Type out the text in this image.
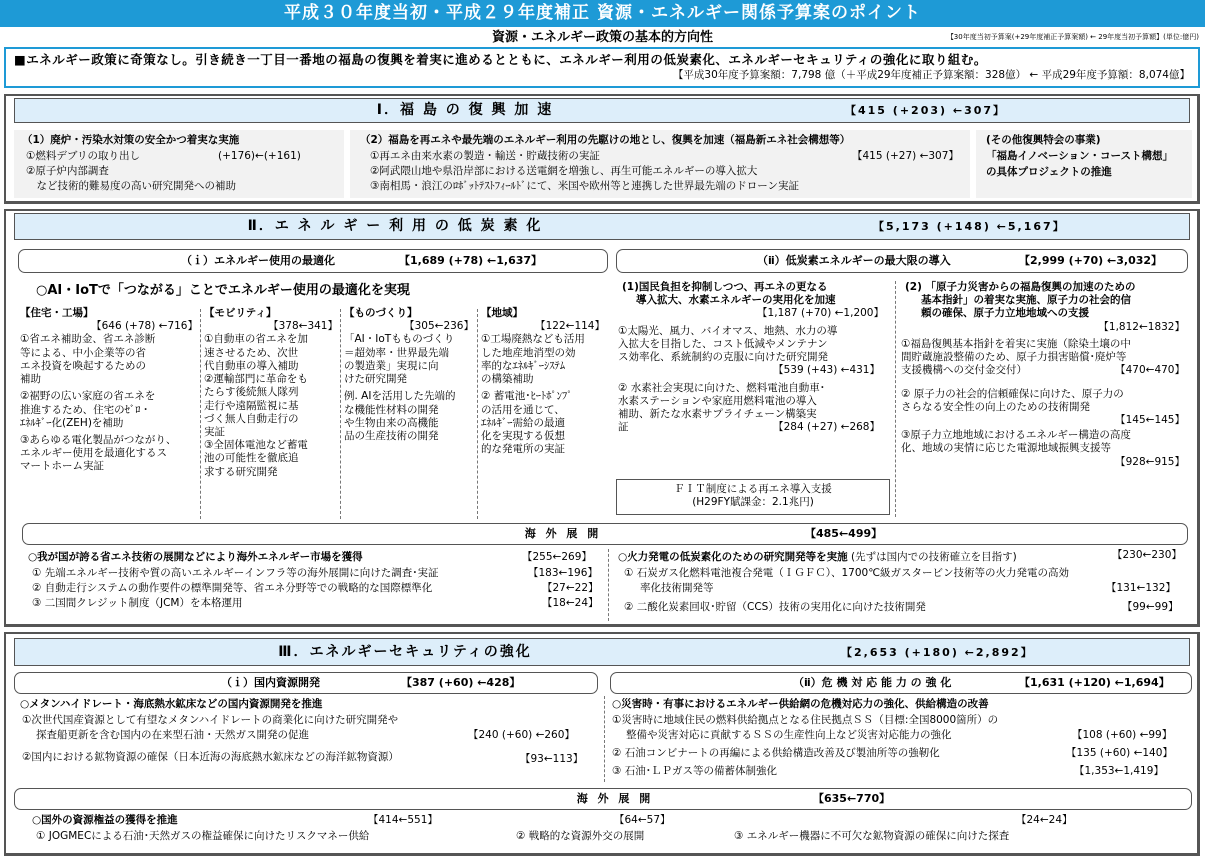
平成３０年度当初・平成２９年度補正 資源・エネルギー関係予算案のポイント
資源・エネルギー政策の基本的方向性	【30年度当初予算案(+29年度補正予算案額) ← 29年度当初予算額】(単位:億円)
■エネルギー政策に奇策なし。引き続き一丁目一番地の福島の復興を着実に進めるとともに、エネルギー利用の低炭素化、エネルギーセキュリティの強化に取り組む。
【平成30年度予算案額：7,798 億（＋平成29年度補正予算案額：328億） ← 平成29年度予算額：8,074億】
Ⅰ．福 島 の 復 興 加 速	【415 (+203) ←307】
（1）廃炉・汚染水対策の安全かつ着実な実施
①燃料デブリの取り出し	(+176)←(+161)
②原子炉内部調査
　など技術的難易度の高い研究開発への補助
（2）福島を再エネや最先端のエネルギー利用の先駆けの地とし、復興を加速（福島新エネ社会構想等）
①再エネ由来水素の製造・輸送・貯蔵技術の実証	【415 (+27) ←307】
②阿武隈山地や県沿岸部における送電網を増強し、再生可能エネルギーの導入拡大
③南相馬・浪江のﾛﾎﾞｯﾄﾃｽﾄﾌｨｰﾙﾄﾞにて、米国や欧州等と連携した世界最先端のドローン実証
(その他復興特会の事業)
「福島イノベーション・コースト構想」
の具体プロジェクトの推進
Ⅱ．エ ネ ル ギ ー 利 用 の 低 炭 素 化	【5,173 (+148) ←5,167】
（ｉ）エネルギー使用の最適化	【1,689 (+78) ←1,637】
○AI・IoTで「つながる」ことでエネルギー使用の最適化を実現
【住宅・工場】
【646 (+78) ←716】
①省エネ補助金、省エネ診断
等による、中小企業等の省
エネ投資を喚起するための
補助
②裾野の広い家庭の省エネを
推進するため、住宅のｾﾞﾛ・
ｴﾈﾙｷﾞｰ化(ZEH)を補助
③あらゆる電化製品がつながり、
エネルギー使用を最適化するス
マートホーム実証
【モビリティ】
【378←341】
①自動車の省エネを加
速させるため、次世
代自動車の導入補助
②運輸部門に革命をも
たらす後続無人隊列
走行や遠隔監視に基
づく無人自動走行の
実証
③全固体電池など蓄電
池の可能性を徹底追
求する研究開発
【ものづくり】
【305←236】
「AI・IoTもものづくり
＝超効率・世界最先端
の製造業」実現に向
けた研究開発
例. AIを活用した先端的
な機能性材料の開発
や生物由来の高機能
品の生産技術の開発
【地域】
【122←114】
①工場廃熱なども活用
した地産地消型の効
率的なｴﾈﾙｷﾞｰｼｽﾃﾑ
の構築補助
② 蓄電池･ﾋｰﾄﾎﾟﾝﾌﾟ
の活用を通じて、
ｴﾈﾙｷﾞｰ需給の最適
化を実現する仮想
的な発電所の実証
（ⅱ）低炭素エネルギーの最大限の導入	【2,999 (+70) ←3,032】
(1)国民負担を抑制しつつ、再エネの更なる
導入拡大、水素エネルギーの実用化を加速
【1,187 (+70) ←1,200】
①太陽光、風力、バイオマス、地熱、水力の導
入拡大を目指した、コスト低減やメンテナン
ス効率化、系統制約の克服に向けた研究開発
【539 (+43) ←431】
② 水素社会実現に向けた、燃料電池自動車･
水素ステーションや家庭用燃料電池の導入
補助、新たな水素サプライチェーン構築実
証	【284 (+27) ←268】
ＦＩＴ制度による再エネ導入支援
(H29FY賦課金：2.1兆円)
(2) 「原子力災害からの福島復興の加速のための
基本指針」の着実な実施、原子力の社会的信
頼の確保、原子力立地地域への支援
【1,812←1832】
①福島復興基本指針を着実に実施（除染土壌の中
間貯蔵施設整備のため、原子力損害賠償･廃炉等
支援機構への交付金交付）	【470←470】
② 原子力の社会的信頼確保に向けた、原子力の
さらなる安全性の向上のための技術開発
【145←145】
③原子力立地地域におけるエネルギー構造の高度
化、地域の実情に応じた電源地域振興支援等
【928←915】
海 外 展 開	【485←499】
○我が国が誇る省エネ技術の展開などにより海外エネルギー市場を獲得	【255←269】
① 先端エネルギー技術や質の高いエネルギーインフラ等の海外展開に向けた調査･実証	【183←196】
② 自動走行システムの動作要件の標準開発等、省エネ分野等での戦略的な国際標準化	【27←22】
③ 二国間クレジット制度（JCM）を本格運用	【18←24】
○火力発電の低炭素化のための研究開発等を実施 (先ずは国内での技術確立を目指す)	【230←230】
① 石炭ガス化燃料電池複合発電（ＩＧＦＣ）、1700℃級ガスタービン技術等の火力発電の高効
率化技術開発等	【131←132】
② 二酸化炭素回収･貯留（CCS）技術の実用化に向けた技術開発	【99←99】
Ⅲ．エネルギーセキュリティの強化	【2,653 (+180) ←2,892】
（ｉ）国内資源開発	【387 (+60) ←428】
○メタンハイドレート・海底熱水鉱床などの国内資源開発を推進
①次世代国産資源として有望なメタンハイドレートの商業化に向けた研究開発や
探査船更新を含む国内の在来型石油・天然ガス開発の促進	【240 (+60) ←260】
②国内における鉱物資源の確保（日本近海の海底熱水鉱床などの海洋鉱物資源）	【93←113】
（ⅱ）危 機 対 応 能 力 の 強 化	【1,631 (+120) ←1,694】
○災害時・有事におけるエネルギー供給網の危機対応力の強化、供給構造の改善
①災害時に地域住民の燃料供給拠点となる住民拠点ＳＳ（目標:全国8000箇所）の
整備や災害対応に貢献するＳＳの生産性向上など災害対応能力の強化	【108 (+60) ←99】
② 石油コンビナートの再編による供給構造改善及び製油所等の強靭化	【135 (+60) ←140】
③ 石油･ＬＰガス等の備蓄体制強化	【1,353←1,419】
海 外 展 開	【635←770】
○国外の資源権益の獲得を推進	【414←551】	【64←57】	【24←24】
① JOGMECによる石油･天然ガスの権益確保に向けたリスクマネー供給	② 戦略的な資源外交の展開	③ エネルギー機器に不可欠な鉱物資源の確保に向けた探査
